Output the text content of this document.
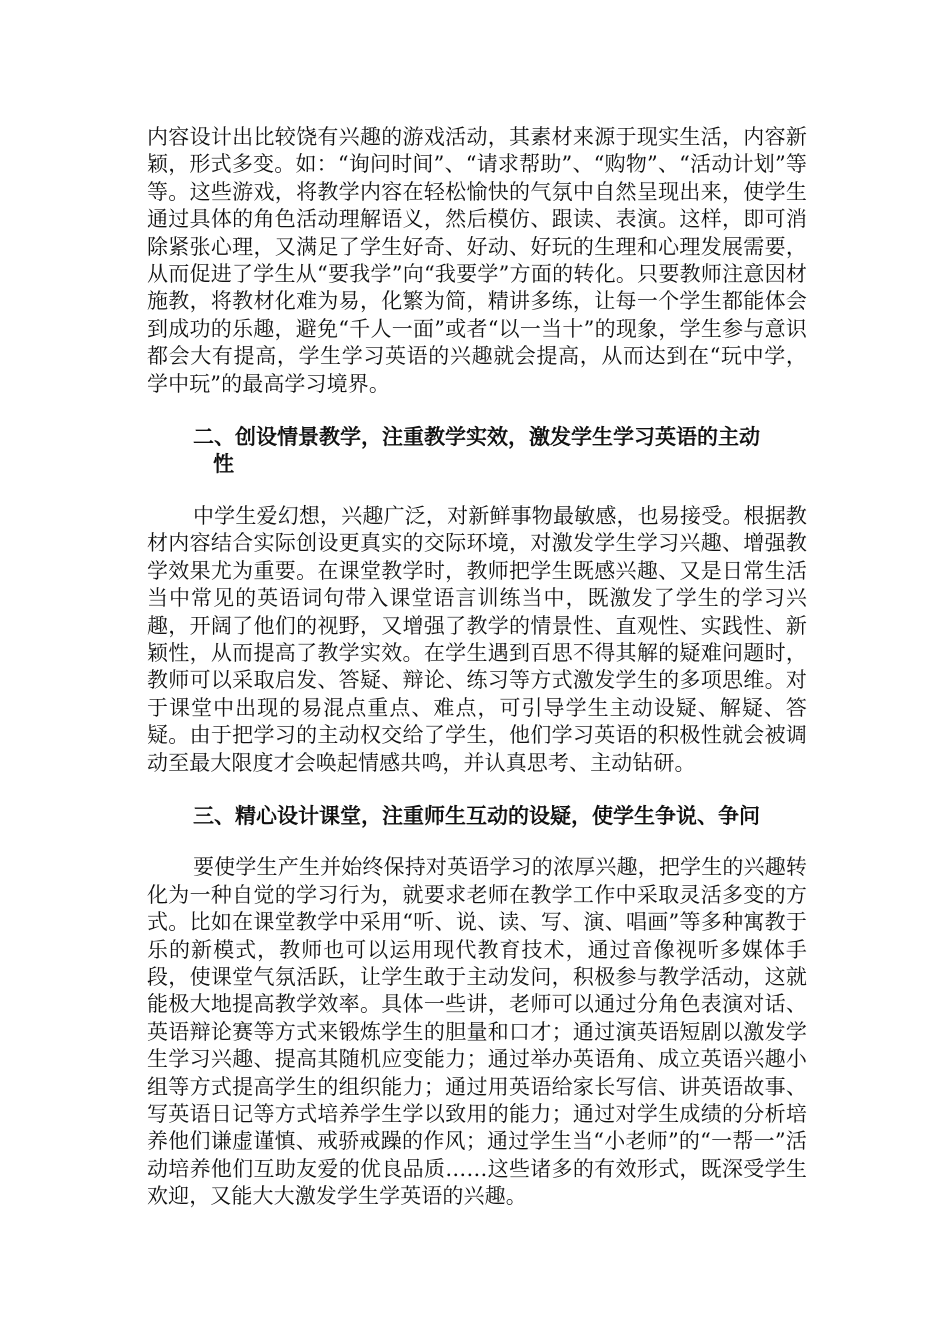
内容设计出比较饶有兴趣的游戏活动，其素材来源于现实生活，内容新颖，形式多变。如：“询问时间”、“请求帮助”、“购物”、“活动计划”等等。这些游戏，将教学内容在轻松愉快的气氛中自然呈现出来，使学生通过具体的角色活动理解语义，然后模仿、跟读、表演。这样，即可消除紧张心理，又满足了学生好奇、好动、好玩的生理和心理发展需要，从而促进了学生从“要我学”向“我要学”方面的转化。只要教师注意因材施教，将教材化难为易，化繁为简，精讲多练，让每一个学生都能体会到成功的乐趣，避免“千人一面”或者“以一当十”的现象，学生参与意识都会大有提高，学生学习英语的兴趣就会提高，从而达到在“玩中学，学中玩”的最高学习境界。

二、创设情景教学，注重教学实效，激发学生学习英语的主动
性

中学生爱幻想，兴趣广泛，对新鲜事物最敏感，也易接受。根据教材内容结合实际创设更真实的交际环境，对激发学生学习兴趣、增强教学效果尤为重要。在课堂教学时，教师把学生既感兴趣、又是日常生活当中常见的英语词句带入课堂语言训练当中，既激发了学生的学习兴趣，开阔了他们的视野，又增强了教学的情景性、直观性、实践性、新颖性，从而提高了教学实效。在学生遇到百思不得其解的疑难问题时，教师可以采取启发、答疑、辩论、练习等方式激发学生的多项思维。对于课堂中出现的易混点重点、难点，可引导学生主动设疑、解疑、答疑。由于把学习的主动权交给了学生，他们学习英语的积极性就会被调动至最大限度才会唤起情感共鸣，并认真思考、主动钻研。

三、精心设计课堂，注重师生互动的设疑，使学生争说、争问

要使学生产生并始终保持对英语学习的浓厚兴趣，把学生的兴趣转化为一种自觉的学习行为，就要求老师在教学工作中采取灵活多变的方式。比如在课堂教学中采用“听、说、读、写、演、唱画”等多种寓教于乐的新模式，教师也可以运用现代教育技术，通过音像视听多媒体手段，使课堂气氛活跃，让学生敢于主动发问，积极参与教学活动，这就能极大地提高教学效率。具体一些讲，老师可以通过分角色表演对话、英语辩论赛等方式来锻炼学生的胆量和口才；通过演英语短剧以激发学生学习兴趣、提高其随机应变能力；通过举办英语角、成立英语兴趣小组等方式提高学生的组织能力；通过用英语给家长写信、讲英语故事、写英语日记等方式培养学生学以致用的能力；通过对学生成绩的分析培养他们谦虚谨慎、戒骄戒躁的作风；通过学生当“小老师”的“一帮一”活动培养他们互助友爱的优良品质……这些诸多的有效形式，既深受学生欢迎，又能大大激发学生学英语的兴趣。
